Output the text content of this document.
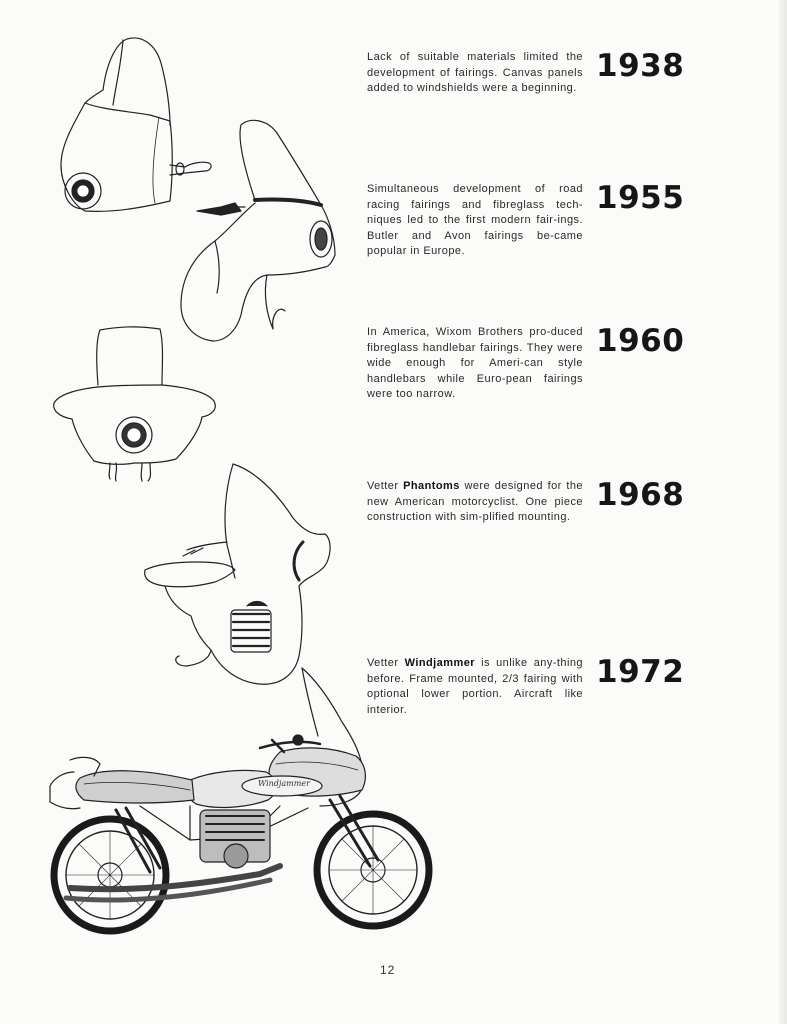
Windjammer
Lack of suitable materials limited the development of fairings. Canvas panels added to windshields were a beginning.
1938
Simultaneous development of road racing fairings and fibreglass tech-niques led to the first modern fair-ings. Butler and Avon fairings be-came popular in Europe.
1955
In America, Wixom Brothers pro-duced fibreglass handlebar fairings. They were wide enough for Ameri-can style handlebars while Euro-pean fairings were too narrow.
1960
Vetter Phantoms were designed for the new American motorcyclist. One piece construction with sim-plified mounting.
1968
Vetter Windjammer is unlike any-thing before. Frame mounted, 2/3 fairing with optional lower portion. Aircraft like interior.
1972
12
